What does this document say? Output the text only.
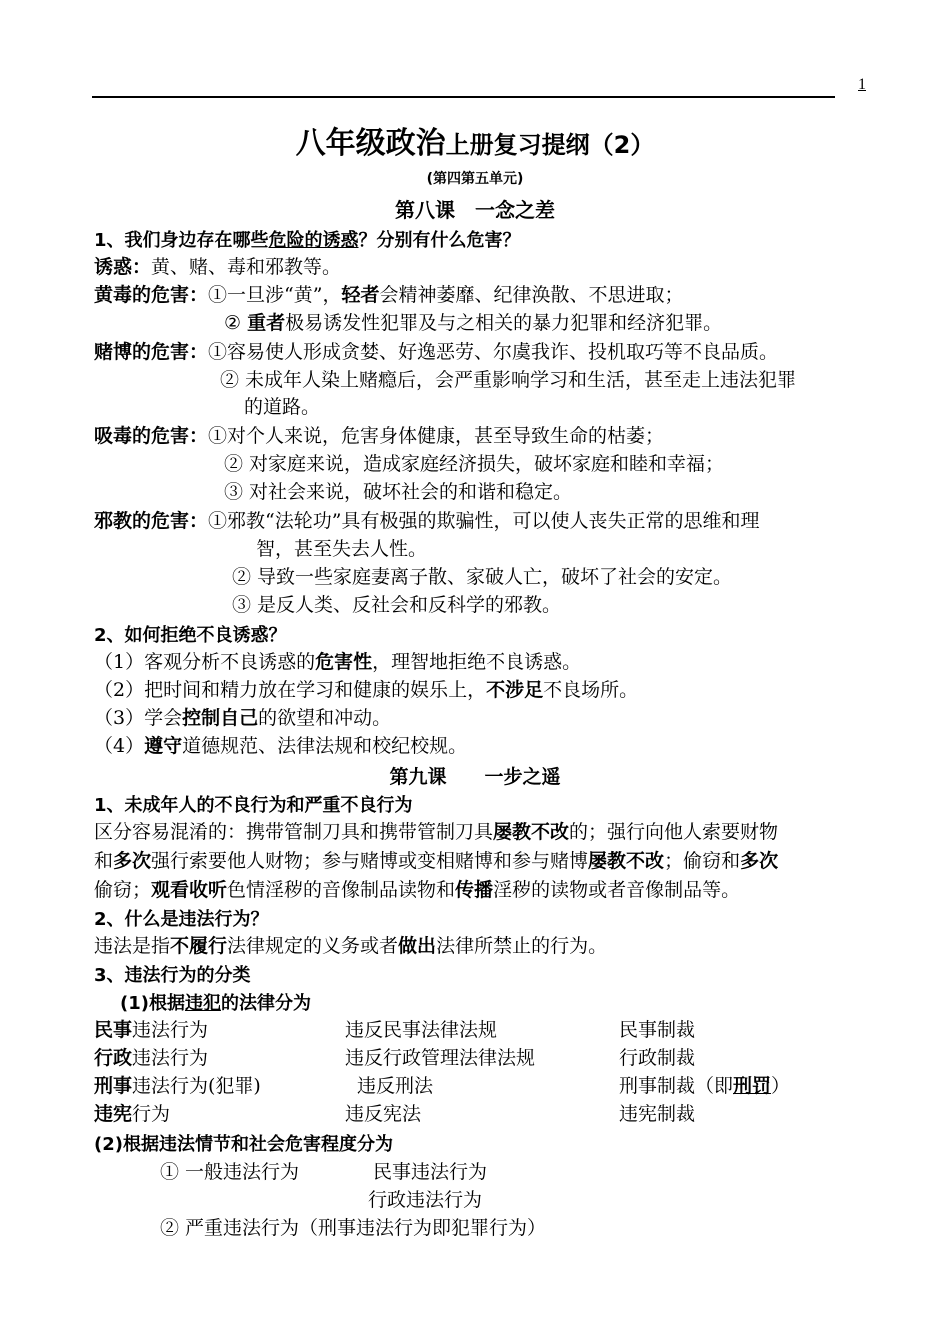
1
八年级政治上册复习提纲（2）
(第四第五单元)
第八课　一念之差
1、我们身边存在哪些危险的诱惑？分别有什么危害？
诱惑：黄、赌、毒和邪教等。
黄毒的危害：①一旦涉“黄”，轻者会精神萎靡、纪律涣散、不思进取；
② 重者极易诱发性犯罪及与之相关的暴力犯罪和经济犯罪。
赌博的危害：①容易使人形成贪婪、好逸恶劳、尔虞我诈、投机取巧等不良品质。
② 未成年人染上赌瘾后，会严重影响学习和生活，甚至走上违法犯罪
的道路。
吸毒的危害：①对个人来说，危害身体健康，甚至导致生命的枯萎；
② 对家庭来说，造成家庭经济损失，破坏家庭和睦和幸福；
③ 对社会来说，破坏社会的和谐和稳定。
邪教的危害：①邪教“法轮功”具有极强的欺骗性，可以使人丧失正常的思维和理
智，甚至失去人性。
② 导致一些家庭妻离子散、家破人亡，破坏了社会的安定。
③ 是反人类、反社会和反科学的邪教。
2、如何拒绝不良诱惑？
（1）客观分析不良诱惑的危害性，理智地拒绝不良诱惑。
（2）把时间和精力放在学习和健康的娱乐上，不涉足不良场所。
（3）学会控制自己的欲望和冲动。
（4）遵守道德规范、法律法规和校纪校规。
第九课　　一步之遥
1、未成年人的不良行为和严重不良行为
区分容易混淆的：携带管制刀具和携带管制刀具屡教不改的；强行向他人索要财物
和多次强行索要他人财物；参与赌博或变相赌博和参与赌博屡教不改；偷窃和多次
偷窃；观看收听色情淫秽的音像制品读物和传播淫秽的读物或者音像制品等。
2、什么是违法行为？
违法是指不履行法律规定的义务或者做出法律所禁止的行为。
3、违法行为的分类
(1)根据违犯的法律分为
民事违法行为	违反民事法律法规	民事制裁
行政违法行为	违反行政管理法律法规	行政制裁
刑事违法行为(犯罪)	违反刑法	刑事制裁（即刑罚）
违宪行为	违反宪法	违宪制裁
(2)根据违法情节和社会危害程度分为
① 一般违法行为	民事违法行为
行政违法行为
② 严重违法行为（刑事违法行为即犯罪行为）
